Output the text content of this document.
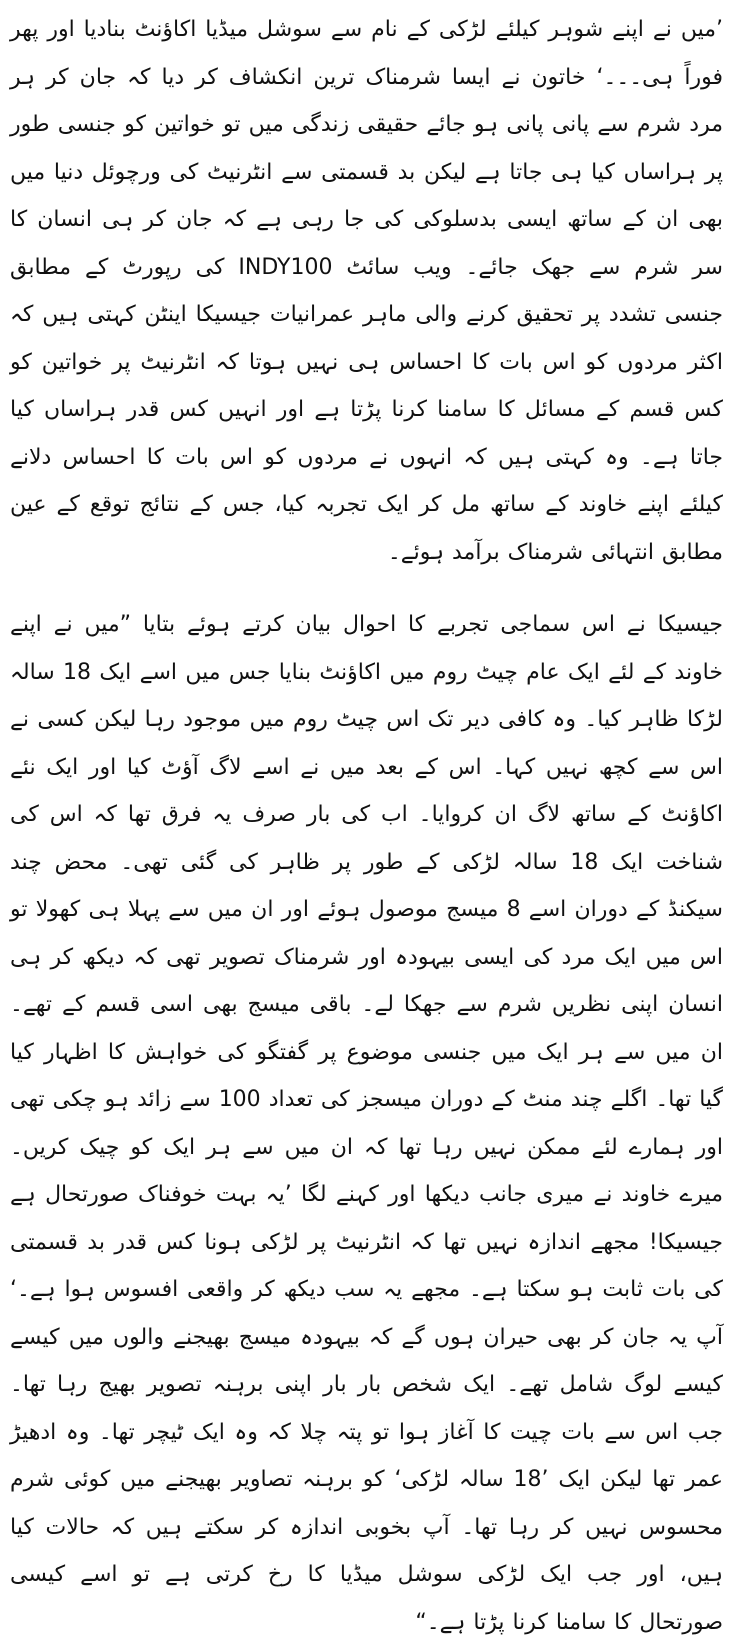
’میں نے اپنے شوہر کیلئے لڑکی کے نام سے سوشل میڈیا اکاؤنٹ بنادیا اور پھر فوراً ہی۔۔۔‘ خاتون نے ایسا شرمناک ترین انکشاف کر دیا کہ جان کر ہر مرد شرم سے پانی پانی ہو جائے حقیقی زندگی میں تو خواتین کو جنسی طور پر ہراساں کیا ہی جاتا ہے لیکن بد قسمتی سے انٹرنیٹ کی ورچوئل دنیا میں بھی ان کے ساتھ ایسی بدسلوکی کی جا رہی ہے کہ جان کر ہی انسان کا سر شرم سے جھک جائے۔ ویب سائٹ INDY100 کی رپورٹ کے مطابق جنسی تشدد پر تحقیق کرنے والی ماہر عمرانیات جیسیکا اینٹن کہتی ہیں کہ اکثر مردوں کو اس بات کا احساس ہی نہیں ہوتا کہ انٹرنیٹ پر خواتین کو کس قسم کے مسائل کا سامنا کرنا پڑتا ہے اور انہیں کس قدر ہراساں کیا جاتا ہے۔ وہ کہتی ہیں کہ انہوں نے مردوں کو اس بات کا احساس دلانے کیلئے اپنے خاوند کے ساتھ مل کر ایک تجربہ کیا، جس کے نتائج توقع کے عین مطابق انتہائی شرمناک برآمد ہوئے۔

جیسیکا نے اس سماجی تجربے کا احوال بیان کرتے ہوئے بتایا ”میں نے اپنے خاوند کے لئے ایک عام چیٹ روم میں اکاؤنٹ بنایا جس میں اسے ایک 18 سالہ لڑکا ظاہر کیا۔ وہ کافی دیر تک اس چیٹ روم میں موجود رہا لیکن کسی نے اس سے کچھ نہیں کہا۔ اس کے بعد میں نے اسے لاگ آؤٹ کیا اور ایک نئے اکاؤنٹ کے ساتھ لاگ ان کروایا۔ اب کی بار صرف یہ فرق تھا کہ اس کی شناخت ایک 18 سالہ لڑکی کے طور پر ظاہر کی گئی تھی۔ محض چند سیکنڈ کے دوران اسے 8 میسج موصول ہوئے اور ان میں سے پہلا ہی کھولا تو اس میں ایک مرد کی ایسی بیہودہ اور شرمناک تصویر تھی کہ دیکھ کر ہی انسان اپنی نظریں شرم سے جھکا لے۔ باقی میسج بھی اسی قسم کے تھے۔ ان میں سے ہر ایک میں جنسی موضوع پر گفتگو کی خواہش کا اظہار کیا گیا تھا۔ اگلے چند منٹ کے دوران میسجز کی تعداد 100 سے زائد ہو چکی تھی اور ہمارے لئے ممکن نہیں رہا تھا کہ ان میں سے ہر ایک کو چیک کریں۔ میرے خاوند نے میری جانب دیکھا اور کہنے لگا ’یہ بہت خوفناک صورتحال ہے جیسیکا! مجھے اندازہ نہیں تھا کہ انٹرنیٹ پر لڑکی ہونا کس قدر بد قسمتی کی بات ثابت ہو سکتا ہے۔ مجھے یہ سب دیکھ کر واقعی افسوس ہوا ہے۔‘ آپ یہ جان کر بھی حیران ہوں گے کہ بیہودہ میسج بھیجنے والوں میں کیسے کیسے لوگ شامل تھے۔ ایک شخص بار بار اپنی برہنہ تصویر بھیج رہا تھا۔ جب اس سے بات چیت کا آغاز ہوا تو پتہ چلا کہ وہ ایک ٹیچر تھا۔ وہ ادھیڑ عمر تھا لیکن ایک ’18 سالہ لڑکی‘ کو برہنہ تصاویر بھیجنے میں کوئی شرم محسوس نہیں کر رہا تھا۔ آپ بخوبی اندازہ کر سکتے ہیں کہ حالات کیا ہیں، اور جب ایک لڑکی سوشل میڈیا کا رخ کرتی ہے تو اسے کیسی صورتحال کا سامنا کرنا پڑتا ہے۔“
